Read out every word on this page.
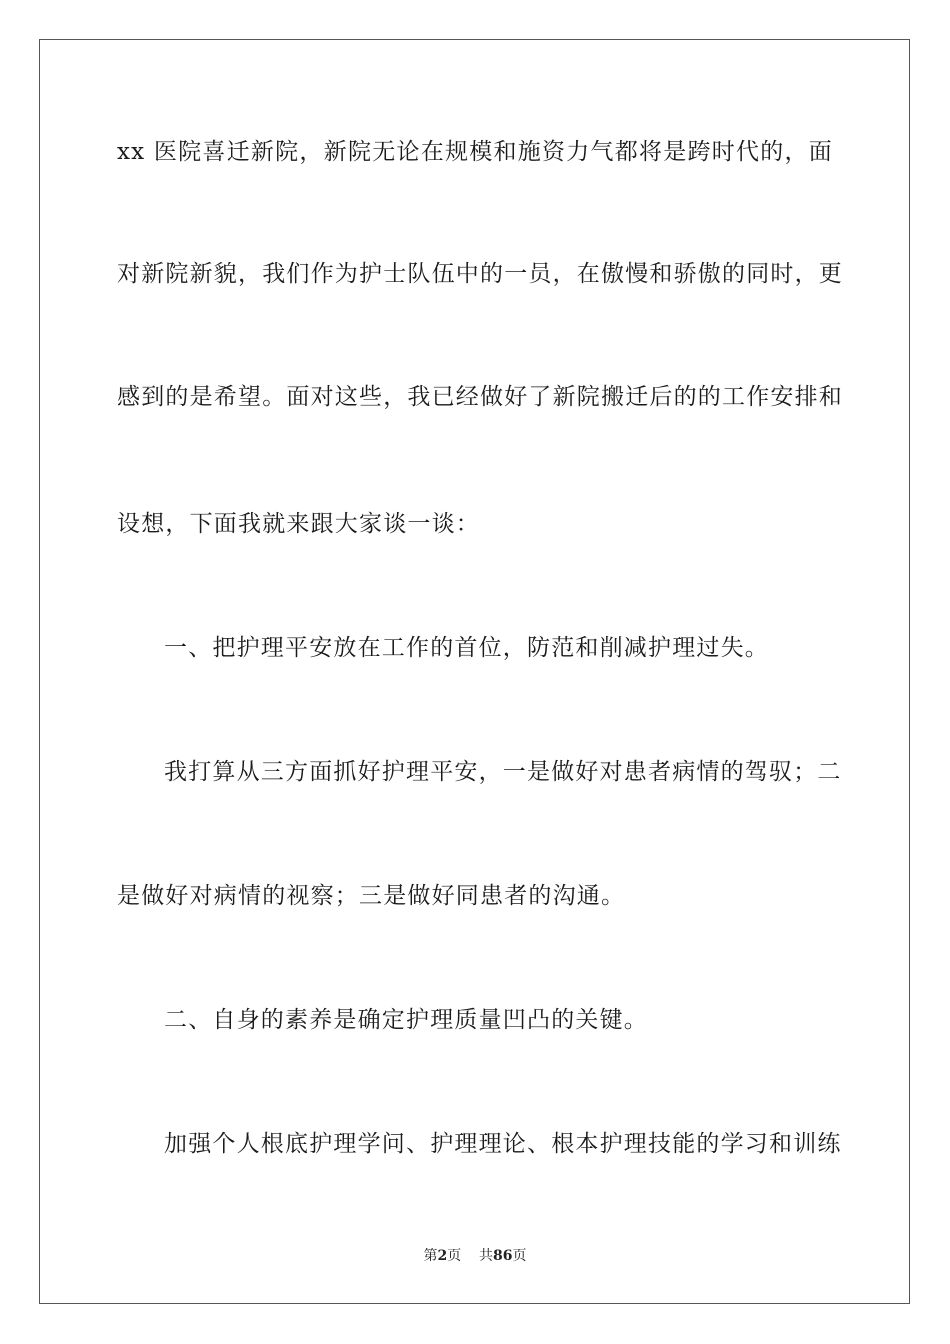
xx 医院喜迁新院，新院无论在规模和施资力气都将是跨时代的，面
对新院新貌，我们作为护士队伍中的一员，在傲慢和骄傲的同时，更
感到的是希望。面对这些，我已经做好了新院搬迁后的的工作安排和
设想，下面我就来跟大家谈一谈：
一、把护理平安放在工作的首位，防范和削减护理过失。
我打算从三方面抓好护理平安，一是做好对患者病情的驾驭；二
是做好对病情的视察；三是做好同患者的沟通。
二、自身的素养是确定护理质量凹凸的关键。
加强个人根底护理学问、护理理论、根本护理技能的学习和训练
第2页 共86页
